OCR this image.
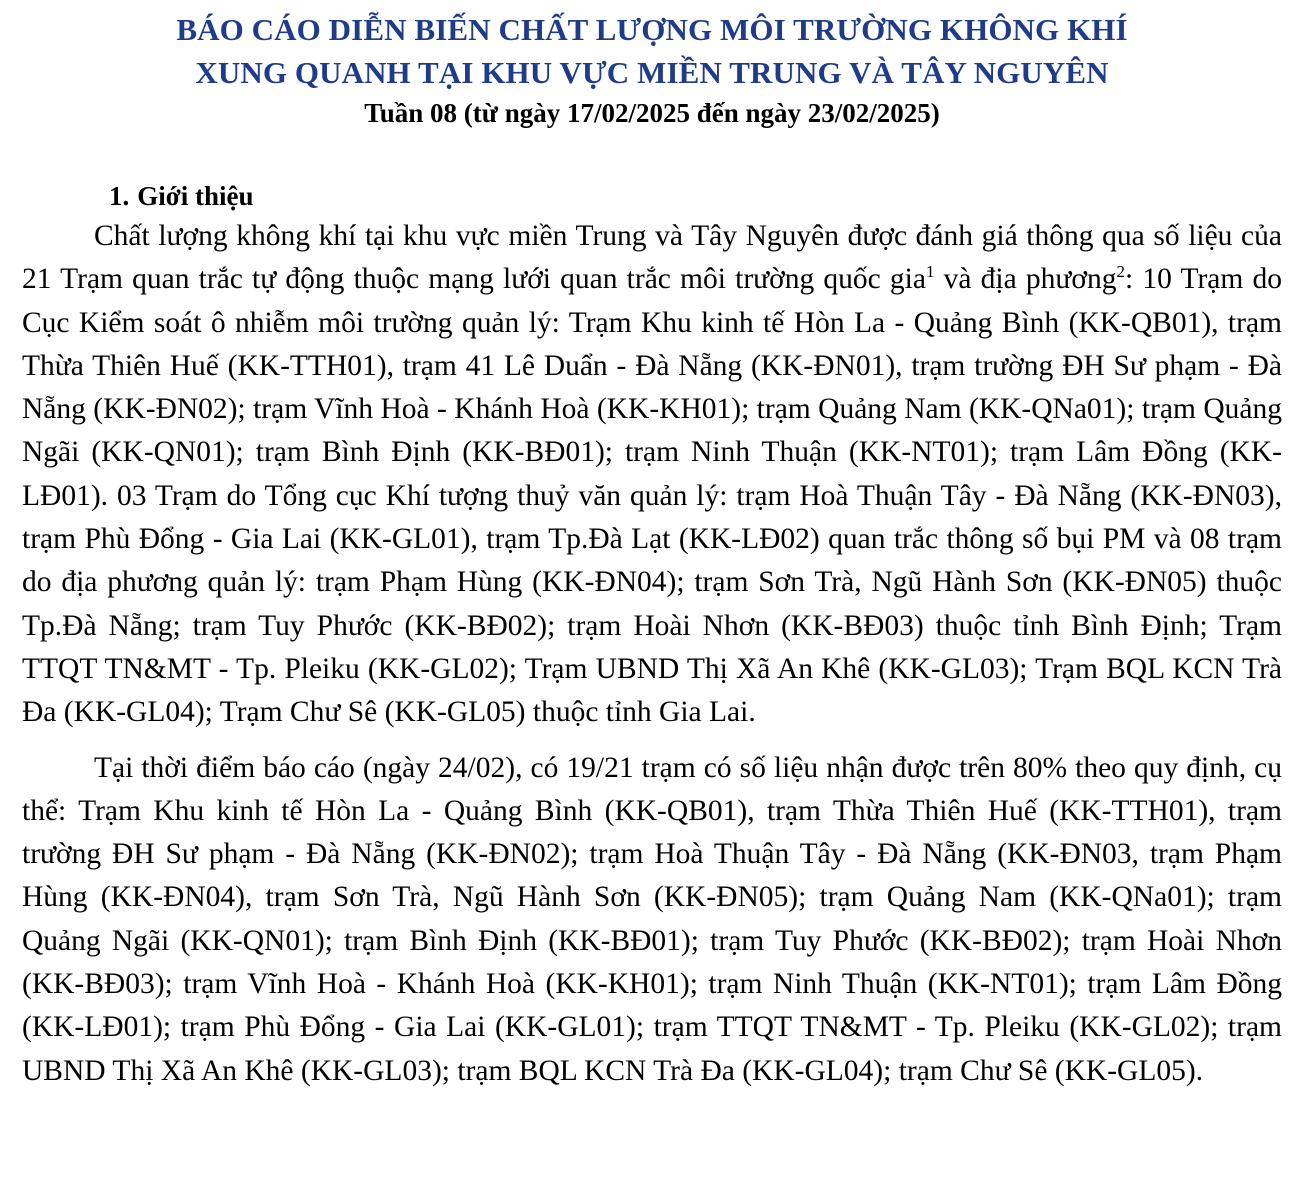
BÁO CÁO DIỄN BIẾN CHẤT LƯỢNG MÔI TRƯỜNG KHÔNG KHÍ
XUNG QUANH TẠI KHU VỰC MIỀN TRUNG VÀ TÂY NGUYÊN
Tuần 08 (từ ngày 17/02/2025 đến ngày 23/02/2025)
1. Giới thiệu

Chất lượng không khí tại khu vực miền Trung và Tây Nguyên được đánh giá thông qua số liệu của 21 Trạm quan trắc tự động thuộc mạng lưới quan trắc môi trường quốc gia$^1$ và địa phương$^2$: 10 Trạm do Cục Kiểm soát ô nhiễm môi trường quản lý: Trạm Khu kinh tế Hòn La - Quảng Bình (KK-QB01), trạm Thừa Thiên Huế (KK-TTH01), trạm 41 Lê Duẩn - Đà Nẵng (KK-ĐN01), trạm trường ĐH Sư phạm - Đà Nẵng (KK-ĐN02); trạm Vĩnh Hoà - Khánh Hoà (KK-KH01); trạm Quảng Nam (KK-QNa01); trạm Quảng Ngãi (KK-QN01); trạm Bình Định (KK-BĐ01); trạm Ninh Thuận (KK-NT01); trạm Lâm Đồng (KK-LĐ01). 03 Trạm do Tổng cục Khí tượng thuỷ văn quản lý: trạm Hoà Thuận Tây - Đà Nẵng (KK-ĐN03), trạm Phù Đổng - Gia Lai (KK-GL01), trạm Tp.Đà Lạt (KK-LĐ02) quan trắc thông số bụi PM và 08 trạm do địa phương quản lý: trạm Phạm Hùng (KK-ĐN04); trạm Sơn Trà, Ngũ Hành Sơn (KK-ĐN05) thuộc Tp.Đà Nẵng; trạm Tuy Phước (KK-BĐ02); trạm Hoài Nhơn (KK-BĐ03) thuộc tỉnh Bình Định; Trạm TTQT TN&MT - Tp. Pleiku (KK-GL02); Trạm UBND Thị Xã An Khê (KK-GL03); Trạm BQL KCN Trà Đa (KK-GL04); Trạm Chư Sê (KK-GL05) thuộc tỉnh Gia Lai.

Tại thời điểm báo cáo (ngày 24/02), có 19/21 trạm có số liệu nhận được trên 80% theo quy định, cụ thể: Trạm Khu kinh tế Hòn La - Quảng Bình (KK-QB01), trạm Thừa Thiên Huế (KK-TTH01), trạm trường ĐH Sư phạm - Đà Nẵng (KK-ĐN02); trạm Hoà Thuận Tây - Đà Nẵng (KK-ĐN03, trạm Phạm Hùng (KK-ĐN04), trạm Sơn Trà, Ngũ Hành Sơn (KK-ĐN05); trạm Quảng Nam (KK-QNa01); trạm Quảng Ngãi (KK-QN01); trạm Bình Định (KK-BĐ01); trạm Tuy Phước (KK-BĐ02); trạm Hoài Nhơn (KK-BĐ03); trạm Vĩnh Hoà - Khánh Hoà (KK-KH01); trạm Ninh Thuận (KK-NT01); trạm Lâm Đồng (KK-LĐ01); trạm Phù Đổng - Gia Lai (KK-GL01); trạm TTQT TN&MT - Tp. Pleiku (KK-GL02); trạm UBND Thị Xã An Khê (KK-GL03); trạm BQL KCN Trà Đa (KK-GL04); trạm Chư Sê (KK-GL05).
